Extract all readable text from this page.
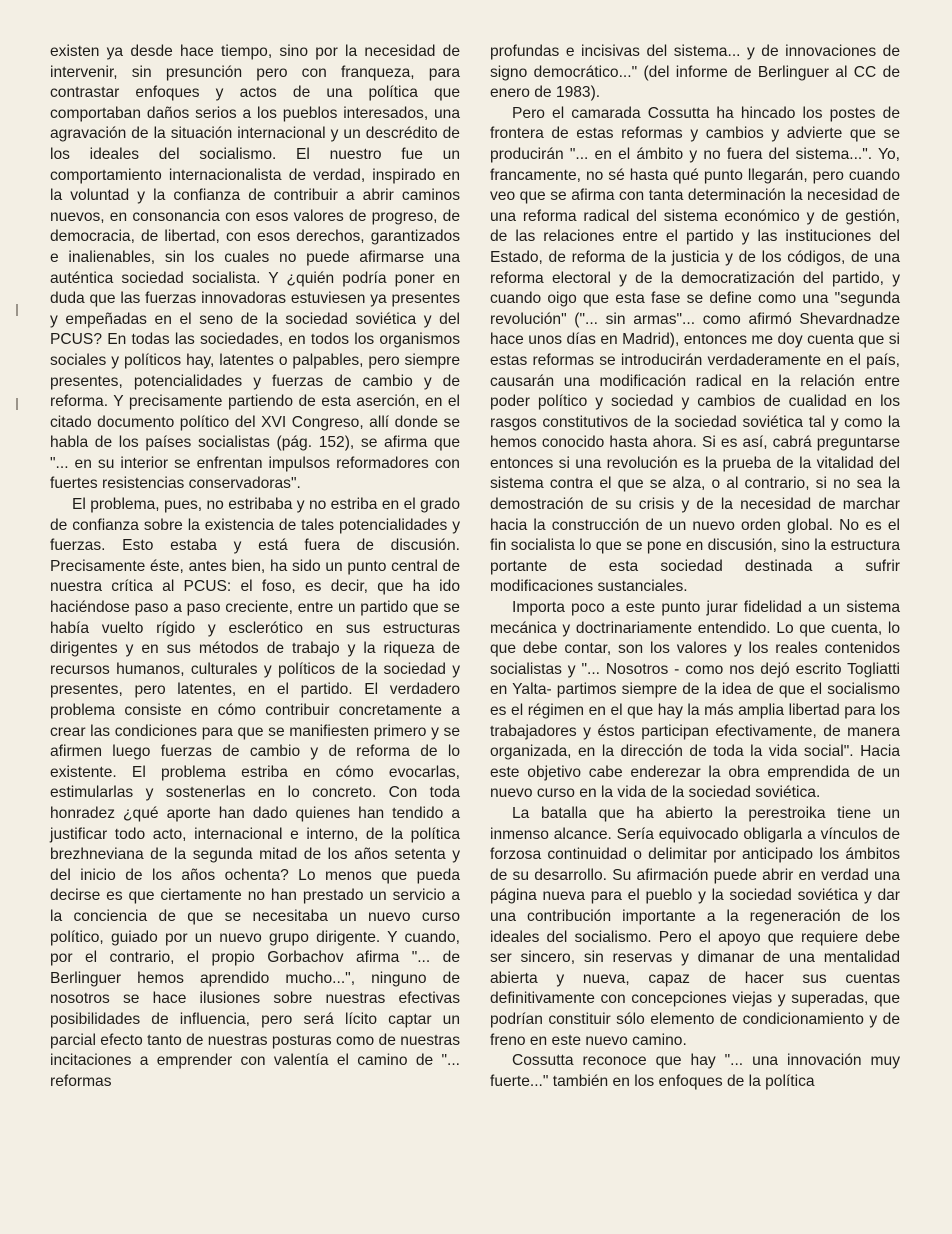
existen ya desde hace tiempo, sino por la necesidad de intervenir, sin presunción pero con franqueza, para contrastar enfoques y actos de una política que comportaban daños serios a los pueblos interesados, una agravación de la situación internacional y un descrédito de los ideales del socialismo. El nuestro fue un comportamiento internacionalista de verdad, inspirado en la voluntad y la confianza de contribuir a abrir caminos nuevos, en consonancia con esos valores de progreso, de democracia, de libertad, con esos derechos, garantizados e inalienables, sin los cuales no puede afirmarse una auténtica sociedad socialista. Y ¿quién podría poner en duda que las fuerzas innovadoras estuviesen ya presentes y empeñadas en el seno de la sociedad soviética y del PCUS? En todas las sociedades, en todos los organismos sociales y políticos hay, latentes o palpables, pero siempre presentes, potencialidades y fuerzas de cambio y de reforma. Y precisamente partiendo de esta aserción, en el citado documento político del XVI Congreso, allí donde se habla de los países socialistas (pág. 152), se afirma que "... en su interior se enfrentan impulsos reformadores con fuertes resistencias conservadoras".

El problema, pues, no estribaba y no estriba en el grado de confianza sobre la existencia de tales potencialidades y fuerzas. Esto estaba y está fuera de discusión. Precisamente éste, antes bien, ha sido un punto central de nuestra crítica al PCUS: el foso, es decir, que ha ido haciéndose paso a paso creciente, entre un partido que se había vuelto rígido y esclerótico en sus estructuras dirigentes y en sus métodos de trabajo y la riqueza de recursos humanos, culturales y políticos de la sociedad y presentes, pero latentes, en el partido. El verdadero problema consiste en cómo contribuir concretamente a crear las condiciones para que se manifiesten primero y se afirmen luego fuerzas de cambio y de reforma de lo existente. El problema estriba en cómo evocarlas, estimularlas y sostenerlas en lo concreto. Con toda honradez ¿qué aporte han dado quienes han tendido a justificar todo acto, internacional e interno, de la política brezhneviana de la segunda mitad de los años setenta y del inicio de los años ochenta? Lo menos que pueda decirse es que ciertamente no han prestado un servicio a la conciencia de que se necesitaba un nuevo curso político, guiado por un nuevo grupo dirigente. Y cuando, por el contrario, el propio Gorbachov afirma "... de Berlinguer hemos aprendido mucho...", ninguno de nosotros se hace ilusiones sobre nuestras efectivas posibilidades de influencia, pero será lícito captar un parcial efecto tanto de nuestras posturas como de nuestras incitaciones a emprender con valentía el camino de "... reformas

profundas e incisivas del sistema... y de innovaciones de signo democrático..." (del informe de Berlinguer al CC de enero de 1983).

Pero el camarada Cossutta ha hincado los postes de frontera de estas reformas y cambios y advierte que se producirán "... en el ámbito y no fuera del sistema...". Yo, francamente, no sé hasta qué punto llegarán, pero cuando veo que se afirma con tanta determinación la necesidad de una reforma radical del sistema económico y de gestión, de las relaciones entre el partido y las instituciones del Estado, de reforma de la justicia y de los códigos, de una reforma electoral y de la democratización del partido, y cuando oigo que esta fase se define como una "segunda revolución" ("... sin armas"... como afirmó Shevardnadze hace unos días en Madrid), entonces me doy cuenta que si estas reformas se introducirán verdaderamente en el país, causarán una modificación radical en la relación entre poder político y sociedad y cambios de cualidad en los rasgos constitutivos de la sociedad soviética tal y como la hemos conocido hasta ahora. Si es así, cabrá preguntarse entonces si una revolución es la prueba de la vitalidad del sistema contra el que se alza, o al contrario, si no sea la demostración de su crisis y de la necesidad de marchar hacia la construcción de un nuevo orden global. No es el fin socialista lo que se pone en discusión, sino la estructura portante de esta sociedad destinada a sufrir modificaciones sustanciales.

Importa poco a este punto jurar fidelidad a un sistema mecánica y doctrinariamente entendido. Lo que cuenta, lo que debe contar, son los valores y los reales contenidos socialistas y "... Nosotros - como nos dejó escrito Togliatti en Yalta- partimos siempre de la idea de que el socialismo es el régimen en el que hay la más amplia libertad para los trabajadores y éstos participan efectivamente, de manera organizada, en la dirección de toda la vida social". Hacia este objetivo cabe enderezar la obra emprendida de un nuevo curso en la vida de la sociedad soviética.

La batalla que ha abierto la perestroika tiene un inmenso alcance. Sería equivocado obligarla a vínculos de forzosa continuidad o delimitar por anticipado los ámbitos de su desarrollo. Su afirmación puede abrir en verdad una página nueva para el pueblo y la sociedad soviética y dar una contribución importante a la regeneración de los ideales del socialismo. Pero el apoyo que requiere debe ser sincero, sin reservas y dimanar de una mentalidad abierta y nueva, capaz de hacer sus cuentas definitivamente con concepciones viejas y superadas, que podrían constituir sólo elemento de condicionamiento y de freno en este nuevo camino.

Cossutta reconoce que hay "... una innovación muy fuerte..." también en los enfoques de la política
